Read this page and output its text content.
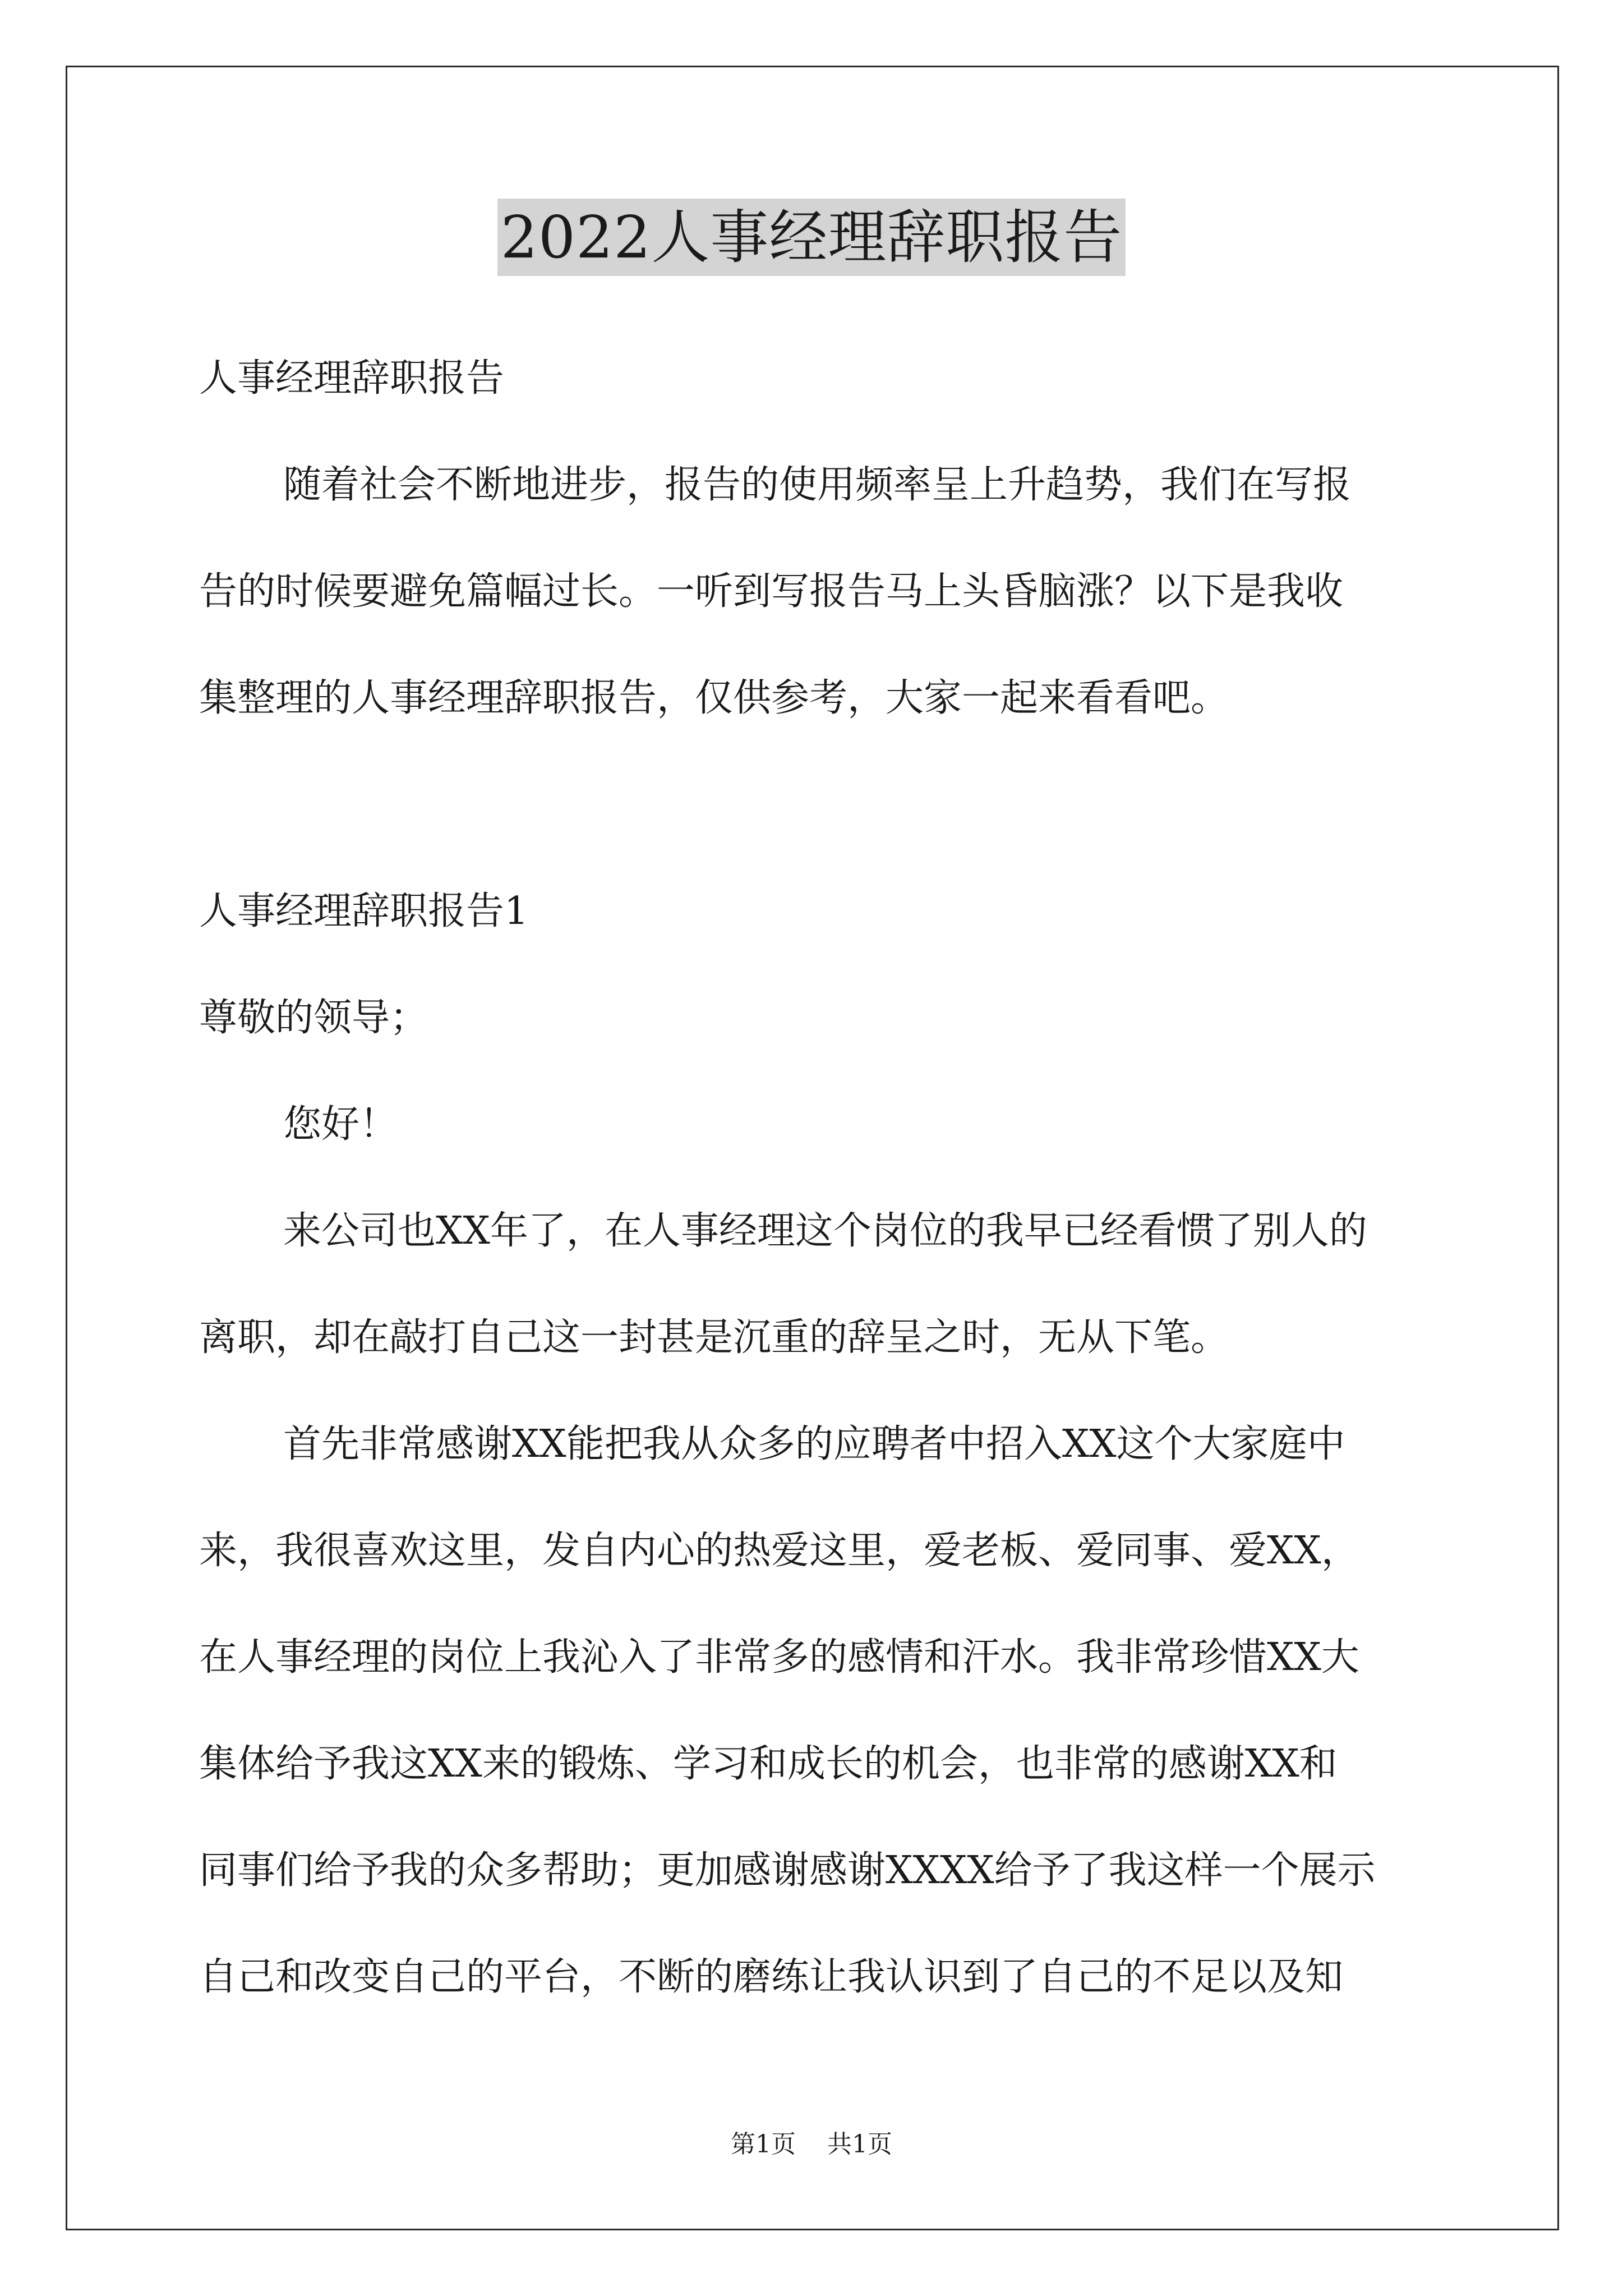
2022人事经理辞职报告
人事经理辞职报告
随着社会不断地进步，报告的使用频率呈上升趋势，我们在写报
告的时候要避免篇幅过长。一听到写报告马上头昏脑涨？以下是我收
集整理的人事经理辞职报告，仅供参考，大家一起来看看吧。
人事经理辞职报告1
尊敬的领导；
您好！
来公司也XX年了，在人事经理这个岗位的我早已经看惯了别人的
离职，却在敲打自己这一封甚是沉重的辞呈之时，无从下笔。
首先非常感谢XX能把我从众多的应聘者中招入XX这个大家庭中
来，我很喜欢这里，发自内心的热爱这里，爱老板、爱同事、爱XX，
在人事经理的岗位上我沁入了非常多的感情和汗水。我非常珍惜XX大
集体给予我这XX来的锻炼、学习和成长的机会，也非常的感谢XX和
同事们给予我的众多帮助；更加感谢感谢XXXX给予了我这样一个展示
自己和改变自己的平台，不断的磨练让我认识到了自己的不足以及知
第1页 共1页
